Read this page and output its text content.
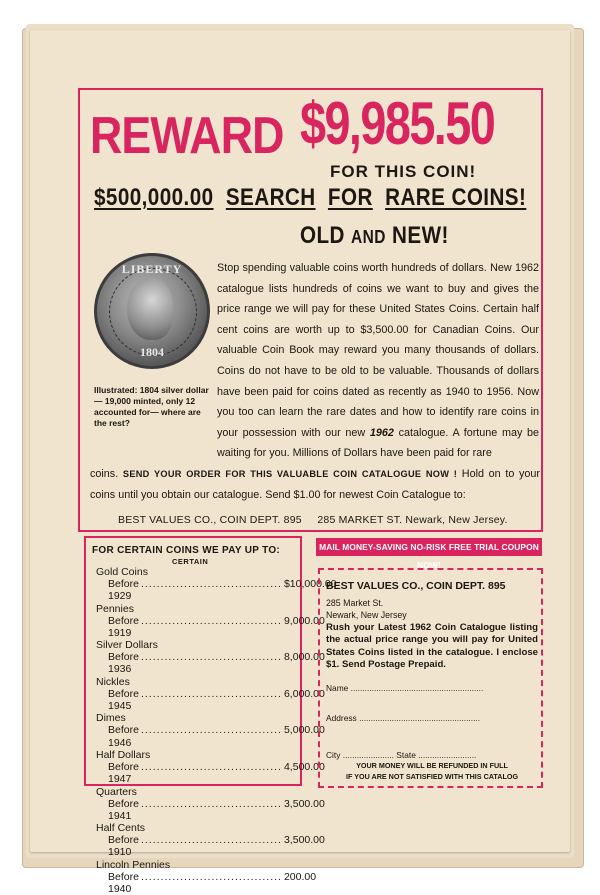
REWARD $9,985.50
FOR THIS COIN!
$500,000.00 SEARCH FOR RARE COINS!
OLD AND NEW!
LIBERTY
1804
Illustrated: 1804 silver dollar — 19,000 minted, only 12 accounted for— where are the rest?
Stop spending valuable coins worth hundreds of dollars. New 1962 catalogue lists hundreds of coins we want to buy and gives the price range we will pay for these United States Coins. Certain half cent coins are worth up to $3,500.00 for Canadian Coins. Our valuable Coin Book may reward you many thousands of dollars. Coins do not have to be old to be valuable. Thousands of dollars have been paid for coins dated as recently as 1940 to 1956. Now you too can learn the rare dates and how to identify rare coins in your possession with our new 1962 catalogue. A fortune may be waiting for you. Millions of Dollars have been paid for rare
coins. SEND YOUR ORDER FOR THIS VALUABLE COIN CATALOGUE NOW ! Hold on to your coins until you obtain our catalogue. Send $1.00 for newest Coin Catalogue to:
BEST VALUES CO., COIN DEPT. 895     285 MARKET ST. Newark, New Jersey.
FOR CERTAIN COINS WE PAY UP TO:
CERTAIN
Gold Coins
Before 1929
.................................... $10,000.00
Pennies
Before 1919
.................................... 9,000.00
Silver Dollars
Before 1936
.................................... 8,000.00
Nickles
Before 1945
.................................... 6,000.00
Dimes
Before 1946
.................................... 5,000.00
Half Dollars
Before 1947
.................................... 4,500.00
Quarters
Before 1941
.................................... 3,500.00
Half Cents
Before 1910
.................................... 3,500.00
Lincoln Pennies
Before 1940
.................................... 200.00
MAIL MONEY-SAVING NO-RISK FREE TRIAL COUPON NOW!
BEST VALUES CO., COIN DEPT. 895
285 Market St.
Newark, New Jersey
Rush your Latest 1962 Coin Catalogue listing the actual price range you will pay for United States Coins listed in the catalogue. I enclose $1. Send Postage Prepaid.
Name .........................................................
Address ....................................................
City ...................... State .........................
YOUR MONEY WILL BE REFUNDED IN FULL
IF YOU ARE NOT SATISFIED WITH THIS CATALOG
